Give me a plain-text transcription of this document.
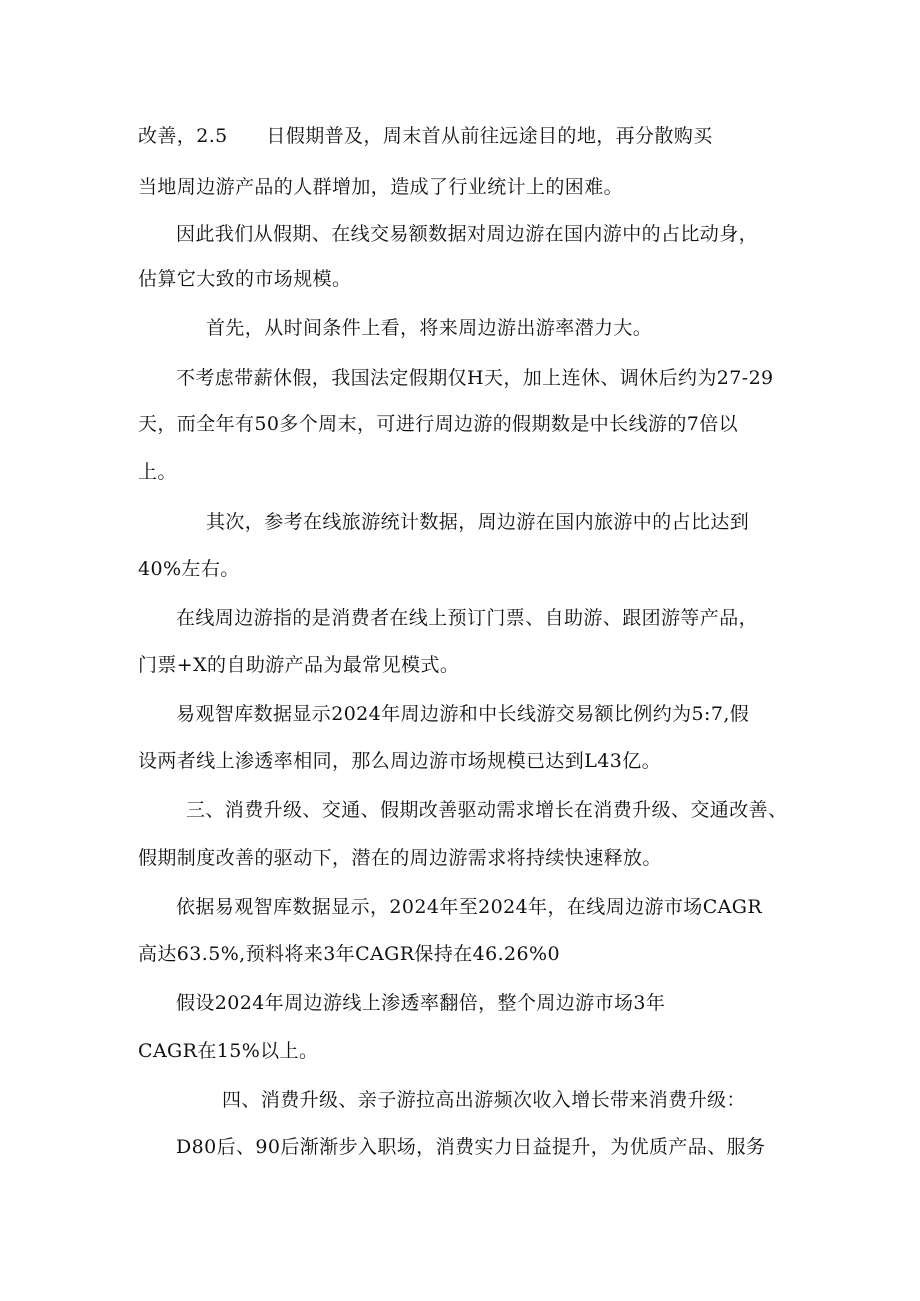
改善，2.5　　日假期普及，周末首从前往远途目的地，再分散购买
当地周边游产品的人群增加，造成了行业统计上的困难。
因此我们从假期、在线交易额数据对周边游在国内游中的占比动身，
估算它大致的市场规模。
首先，从时间条件上看，将来周边游出游率潜力大。
不考虑带薪休假，我国法定假期仅H天，加上连休、调休后约为27-29
天，而全年有50多个周末，可进行周边游的假期数是中长线游的7倍以
上。
其次，参考在线旅游统计数据，周边游在国内旅游中的占比达到
40%左右。
在线周边游指的是消费者在线上预订门票、自助游、跟团游等产品，
门票+X的自助游产品为最常见模式。
易观智库数据显示2024年周边游和中长线游交易额比例约为5:7,假
设两者线上渗透率相同，那么周边游市场规模已达到L43亿。
三、消费升级、交通、假期改善驱动需求增长在消费升级、交通改善、
假期制度改善的驱动下，潜在的周边游需求将持续快速释放。
依据易观智库数据显示，2024年至2024年，在线周边游市场CAGR
高达63.5%,预料将来3年CAGR保持在46.26%0
假设2024年周边游线上渗透率翻倍，整个周边游市场3年
CAGR在15%以上。
四、消费升级、亲子游拉高出游频次收入增长带来消费升级：
D80后、90后渐渐步入职场，消费实力日益提升，为优质产品、服务
